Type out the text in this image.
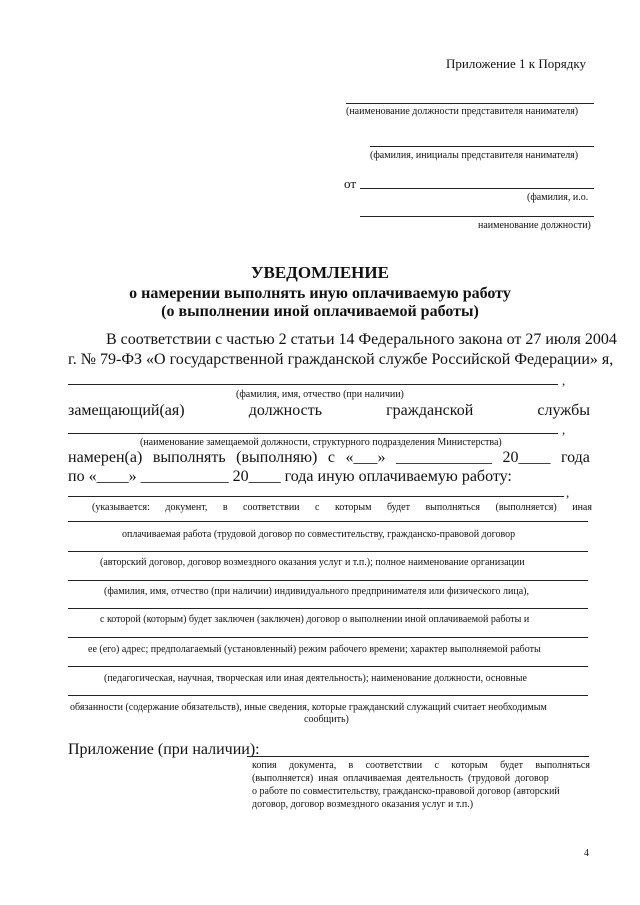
Приложение 1 к Порядку
(наименование должности представителя нанимателя)
(фамилия, инициалы представителя нанимателя)
от
(фамилия, и.о.
наименование должности)
УВЕДОМЛЕНИЕ
о намерении выполнять иную оплачиваемую работу
(о выполнении иной оплачиваемой работы)
В соответствии с частью 2 статьи 14 Федерального закона от 27 июля 2004
г. № 79-ФЗ «О государственной гражданской службе Российской Федерации» я,
,
(фамилия, имя, отчество (при наличии)
замещающий(ая)	должность	гражданской	службы
,
(наименование замещаемой должности, структурного подразделения Министерства)
намерен(а) выполнять (выполняю) с «___» ____________ 20____ года
по «____» ___________ 20____ года иную оплачиваемую работу:
,
(указывается: документ, в соответствии с которым будет выполняться (выполняется) иная
оплачиваемая работа (трудовой договор по совместительству, гражданско-правовой договор
(авторский договор, договор возмездного оказания услуг и т.п.); полное наименование организации
(фамилия, имя, отчество (при наличии) индивидуального предпринимателя или физического лица),
с которой (которым) будет заключен (заключен) договор о выполнении иной оплачиваемой работы и
ее (его) адрес; предполагаемый (установленный) режим рабочего времени; характер выполняемой работы
(педагогическая, научная, творческая или иная деятельность); наименование должности, основные
обязанности (содержание обязательств), иные сведения, которые гражданский служащий считает необходимым
сообщить)
Приложение (при наличии):
копия документа, в соответствии с которым будет выполняться
(выполняется)  иная  оплачиваемая  деятельность  (трудовой  договор
о работе по совместительству, гражданско-правовой договор (авторский
договор, договор возмездного оказания услуг и т.п.)
4
